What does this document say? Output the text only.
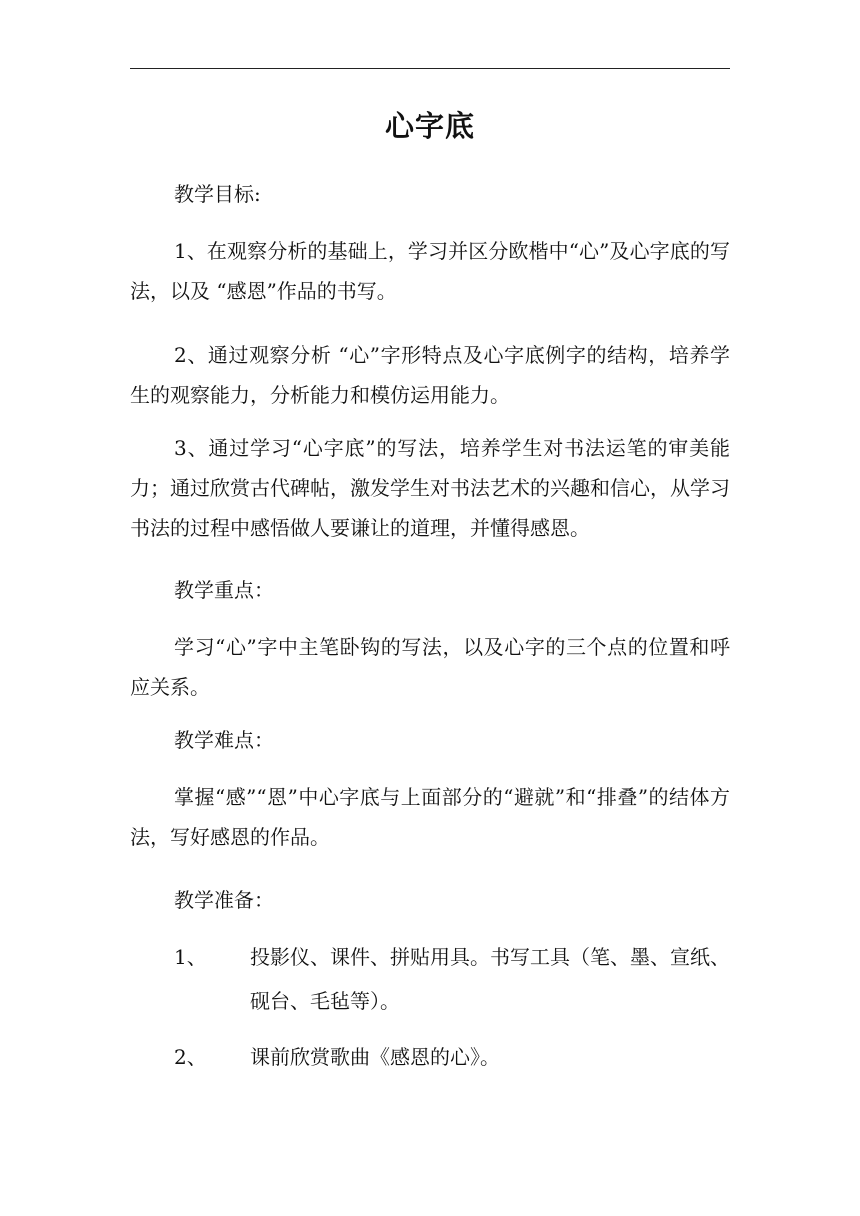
心字底

教学目标:

1、在观察分析的基础上，学习并区分欧楷中“心”及心字底的写法，以及 “感恩”作品的书写。

2、通过观察分析 “心”字形特点及心字底例字的结构，培养学生的观察能力，分析能力和模仿运用能力。

3、通过学习“心字底”的写法，培养学生对书法运笔的审美能力；通过欣赏古代碑帖，激发学生对书法艺术的兴趣和信心，从学习书法的过程中感悟做人要谦让的道理，并懂得感恩。

教学重点：

学习“心”字中主笔卧钩的写法，以及心字的三个点的位置和呼应关系。

教学难点：

掌握“感”“恩”中心字底与上面部分的“避就”和“排叠”的结体方法，写好感恩的作品。

教学准备：

1、 投影仪、课件、拼贴用具。书写工具（笔、墨、宣纸、砚台、毛毡等）。
2、 课前欣赏歌曲《感恩的心》。
